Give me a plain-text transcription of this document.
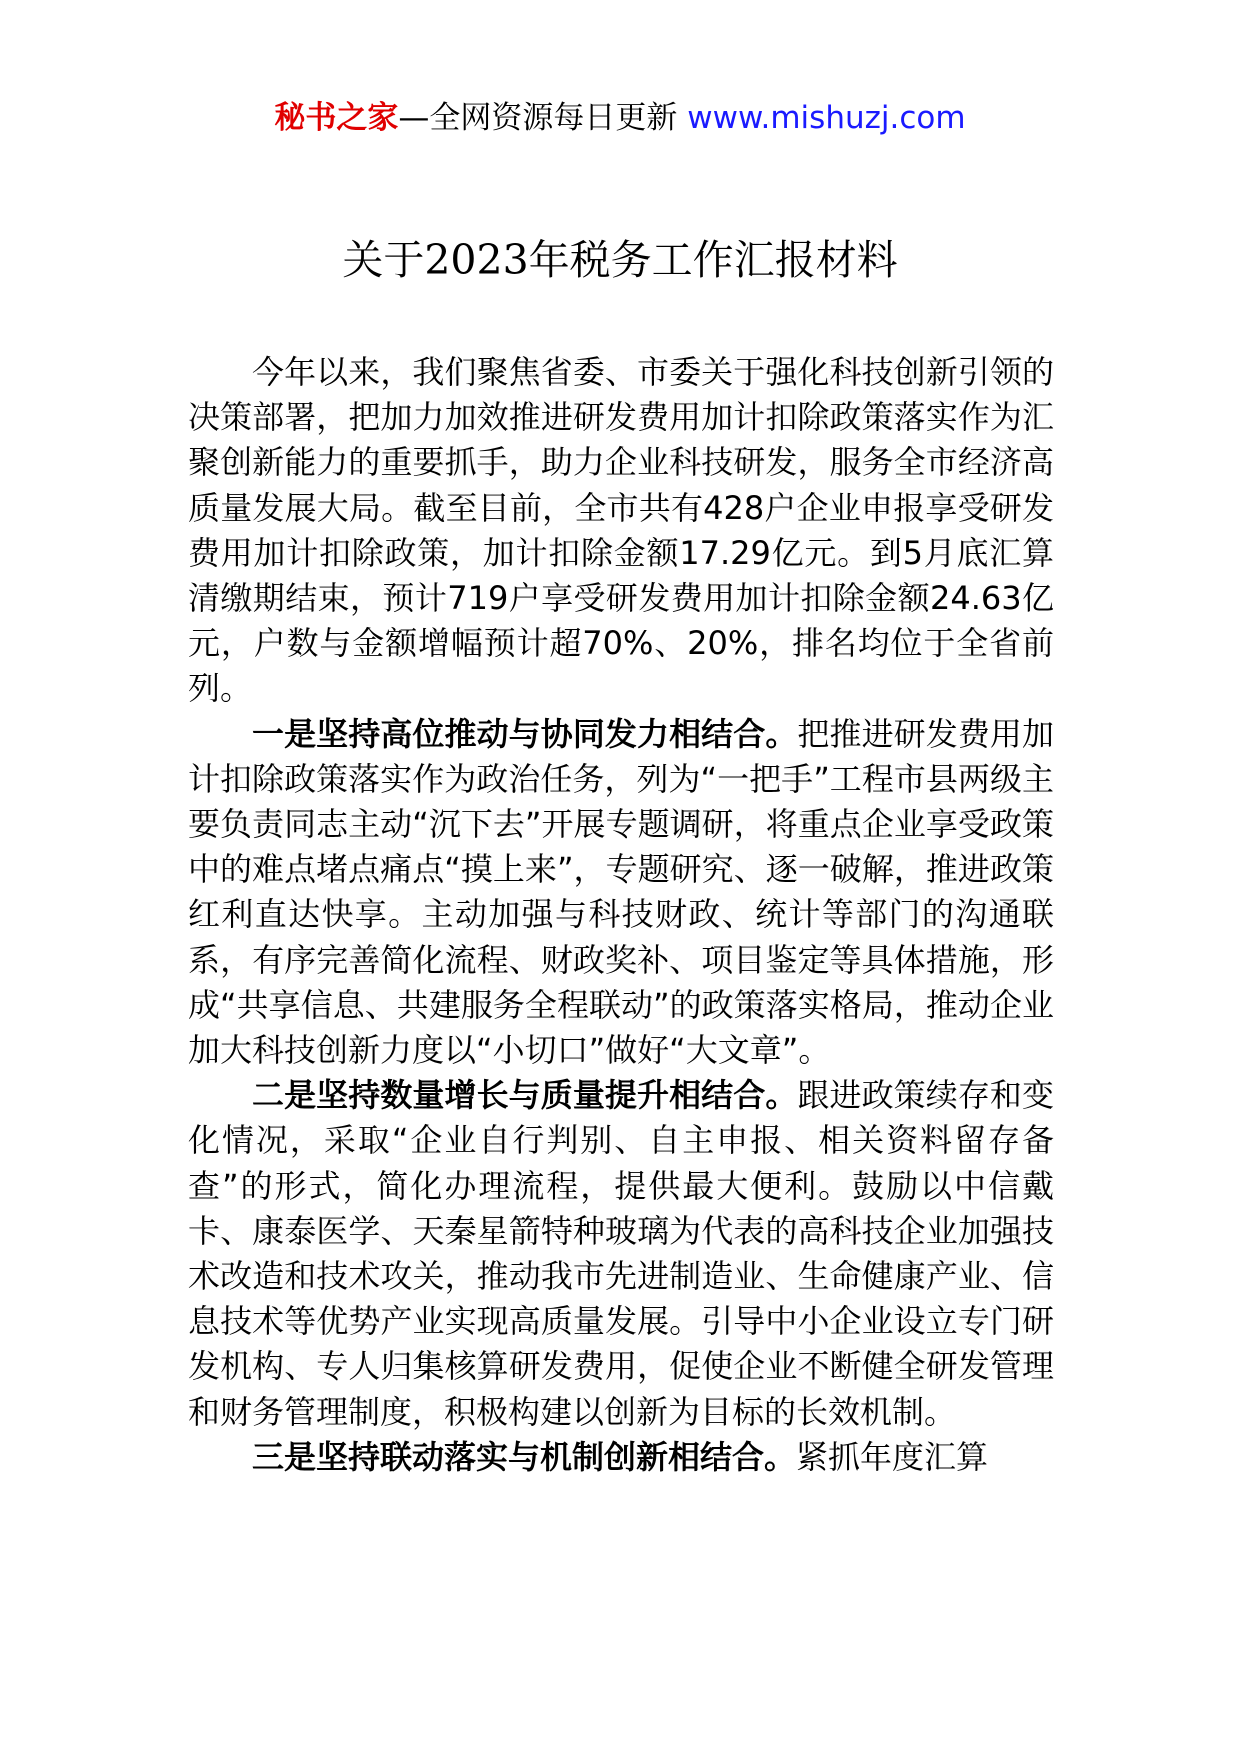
秘书之家—全网资源每日更新 www.mishuzj.com
关于2023年税务工作汇报材料

今年以来，我们聚焦省委、市委关于强化科技创新引领的决策部署，把加力加效推进研发费用加计扣除政策落实作为汇聚创新能力的重要抓手，助力企业科技研发，服务全市经济高质量发展大局。截至目前，全市共有428户企业申报享受研发费用加计扣除政策，加计扣除金额17.29亿元。到5月底汇算清缴期结束，预计719户享受研发费用加计扣除金额24.63亿元，户数与金额增幅预计超70%、20%，排名均位于全省前列。

一是坚持高位推动与协同发力相结合。把推进研发费用加计扣除政策落实作为政治任务，列为“一把手”工程市县两级主要负责同志主动“沉下去”开展专题调研，将重点企业享受政策中的难点堵点痛点“摸上来”，专题研究、逐一破解，推进政策红利直达快享。主动加强与科技财政、统计等部门的沟通联系，有序完善简化流程、财政奖补、项目鉴定等具体措施，形成“共享信息、共建服务全程联动”的政策落实格局，推动企业加大科技创新力度以“小切口”做好“大文章”。

二是坚持数量增长与质量提升相结合。跟进政策续存和变化情况，采取“企业自行判别、自主申报、相关资料留存备查”的形式，简化办理流程，提供最大便利。鼓励以中信戴卡、康泰医学、天秦星箭特种玻璃为代表的高科技企业加强技术改造和技术攻关，推动我市先进制造业、生命健康产业、信息技术等优势产业实现高质量发展。引导中小企业设立专门研发机构、专人归集核算研发费用，促使企业不断健全研发管理和财务管理制度，积极构建以创新为目标的长效机制。

三是坚持联动落实与机制创新相结合。紧抓年度汇算
